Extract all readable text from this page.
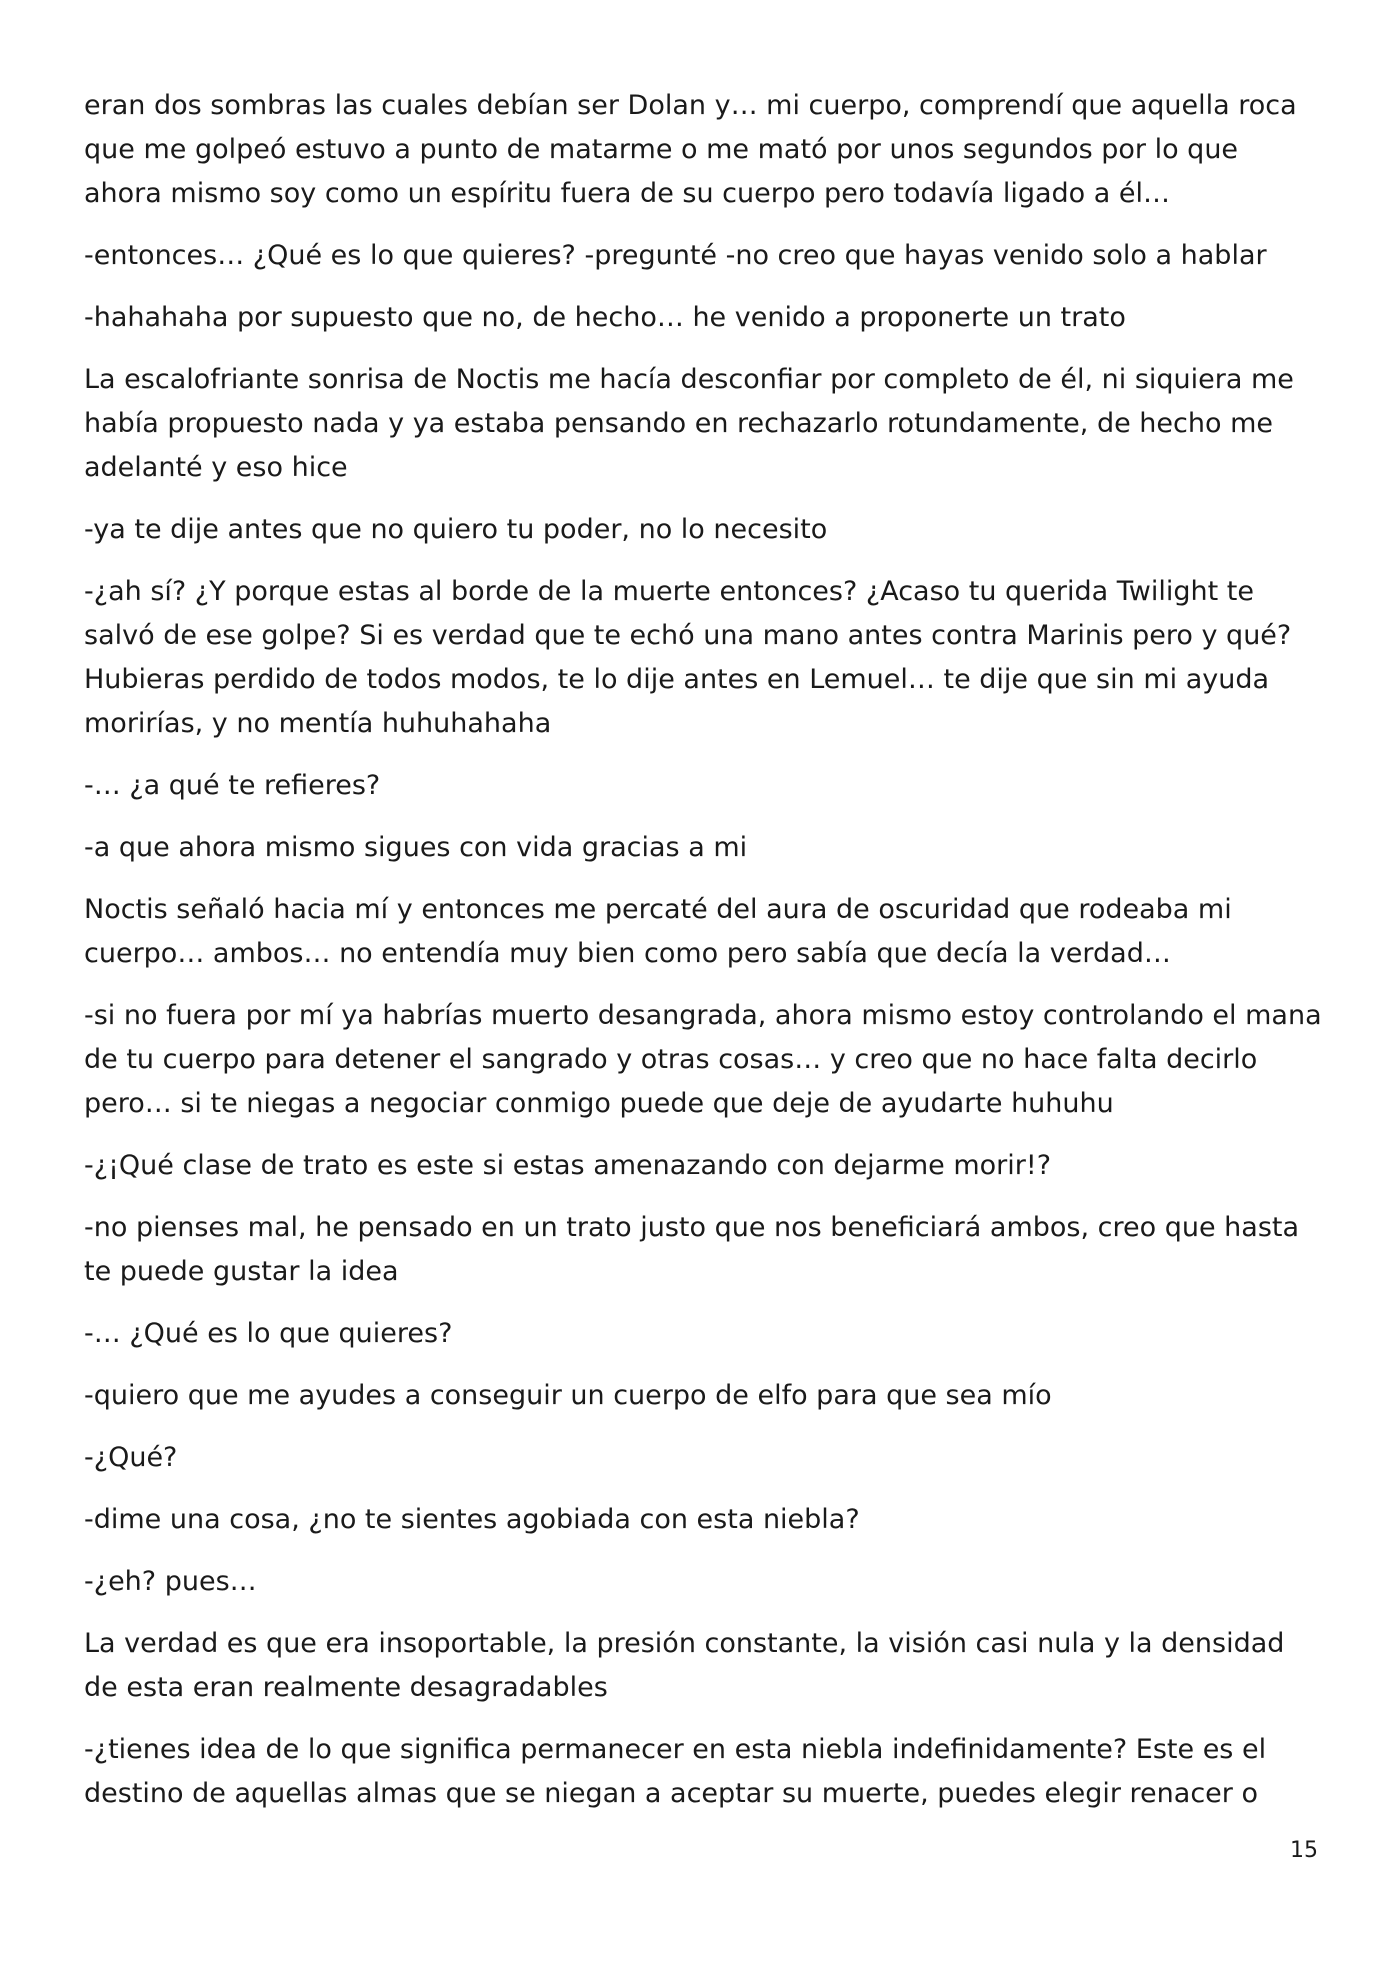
eran dos sombras las cuales debían ser Dolan y… mi cuerpo, comprendí que aquella roca que me golpeó estuvo a punto de matarme o me mató por unos segundos por lo que ahora mismo soy como un espíritu fuera de su cuerpo pero todavía ligado a él…

-entonces… ¿Qué es lo que quieres? -pregunté -no creo que hayas venido solo a hablar

-hahahaha por supuesto que no, de hecho… he venido a proponerte un trato

La escalofriante sonrisa de Noctis me hacía desconfiar por completo de él, ni siquiera me había propuesto nada y ya estaba pensando en rechazarlo rotundamente, de hecho me adelanté y eso hice

-ya te dije antes que no quiero tu poder, no lo necesito

-¿ah sí? ¿Y porque estas al borde de la muerte entonces? ¿Acaso tu querida Twilight te salvó de ese golpe? Si es verdad que te echó una mano antes contra Marinis pero y qué? Hubieras perdido de todos modos, te lo dije antes en Lemuel… te dije que sin mi ayuda morirías, y no mentía huhuhahaha

-… ¿a qué te refieres?

-a que ahora mismo sigues con vida gracias a mi

Noctis señaló hacia mí y entonces me percaté del aura de oscuridad que rodeaba mi cuerpo… ambos… no entendía muy bien como pero sabía que decía la verdad…

-si no fuera por mí ya habrías muerto desangrada, ahora mismo estoy controlando el mana de tu cuerpo para detener el sangrado y otras cosas… y creo que no hace falta decirlo pero… si te niegas a negociar conmigo puede que deje de ayudarte huhuhu

-¿¡Qué clase de trato es este si estas amenazando con dejarme morir!?

-no pienses mal, he pensado en un trato justo que nos beneficiará ambos, creo que hasta te puede gustar la idea

-… ¿Qué es lo que quieres?

-quiero que me ayudes a conseguir un cuerpo de elfo para que sea mío

-¿Qué?

-dime una cosa, ¿no te sientes agobiada con esta niebla?

-¿eh? pues…

La verdad es que era insoportable, la presión constante, la visión casi nula y la densidad de esta eran realmente desagradables

-¿tienes idea de lo que significa permanecer en esta niebla indefinidamente? Este es el destino de aquellas almas que se niegan a aceptar su muerte, puedes elegir renacer o

15
